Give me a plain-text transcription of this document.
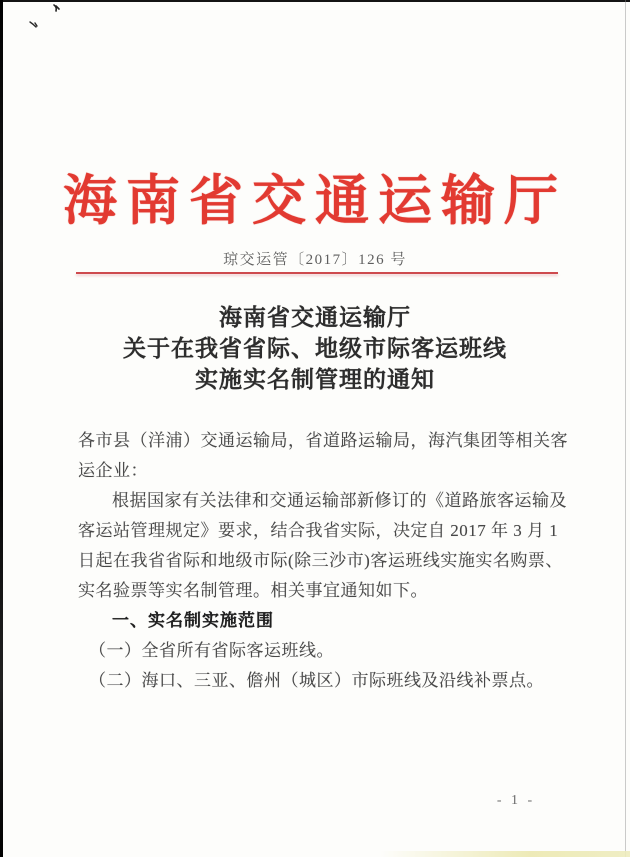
海南省交通运输厅
琼交运管〔2017〕126 号
海南省交通运输厅
关于在我省省际、地级市际客运班线
实施实名制管理的通知
各市县（洋浦）交通运输局，省道路运输局，海汽集团等相关客
运企业：
根据国家有关法律和交通运输部新修订的《道路旅客运输及
客运站管理规定》要求，结合我省实际，决定自 2017 年 3 月 1
日起在我省省际和地级市际(除三沙市)客运班线实施实名购票、
实名验票等实名制管理。相关事宜通知如下。
一、实名制实施范围
（一）全省所有省际客运班线。
（二）海口、三亚、儋州（城区）市际班线及沿线补票点。
- 1 -
